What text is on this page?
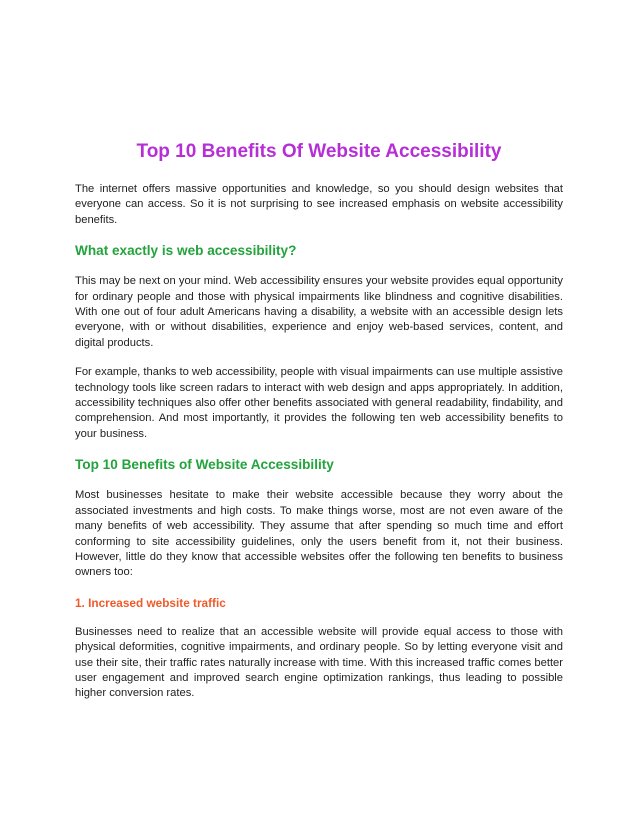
Top 10 Benefits Of Website Accessibility

The internet offers massive opportunities and knowledge, so you should design websites that everyone can access. So it is not surprising to see increased emphasis on website accessibility benefits.

What exactly is web accessibility?

This may be next on your mind. Web accessibility ensures your website provides equal opportunity for ordinary people and those with physical impairments like blindness and cognitive disabilities. With one out of four adult Americans having a disability, a website with an accessible design lets everyone, with or without disabilities, experience and enjoy web-based services, content, and digital products.

For example, thanks to web accessibility, people with visual impairments can use multiple assistive technology tools like screen radars to interact with web design and apps appropriately. In addition, accessibility techniques also offer other benefits associated with general readability, findability, and comprehension. And most importantly, it provides the following ten web accessibility benefits to your business.

Top 10 Benefits of Website Accessibility

Most businesses hesitate to make their website accessible because they worry about the associated investments and high costs. To make things worse, most are not even aware of the many benefits of web accessibility. They assume that after spending so much time and effort conforming to site accessibility guidelines, only the users benefit from it, not their business. However, little do they know that accessible websites offer the following ten benefits to business owners too:

1. Increased website traffic

Businesses need to realize that an accessible website will provide equal access to those with physical deformities, cognitive impairments, and ordinary people. So by letting everyone visit and use their site, their traffic rates naturally increase with time. With this increased traffic comes better user engagement and improved search engine optimization rankings, thus leading to possible higher conversion rates.
